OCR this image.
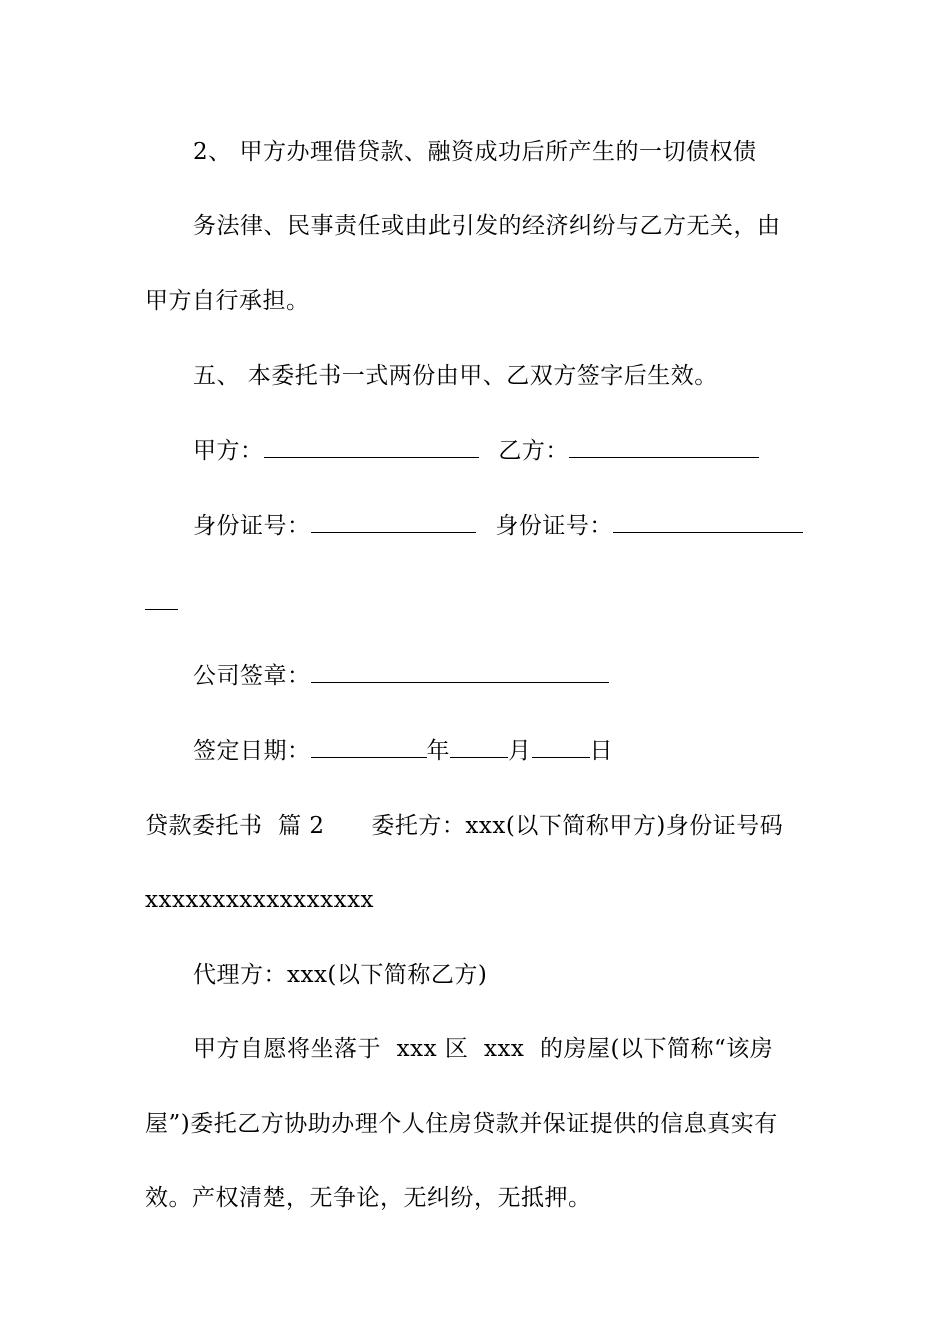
2、 甲方办理借贷款、融资成功后所产生的一切债权债
务法律、民事责任或由此引发的经济纠纷与乙方无关，由
甲方自行承担。
五、 本委托书一式两份由甲、乙双方签字后生效。
甲方：	乙方：
身份证号：	身份证号：
公司签章：
签定日期：	年	月	日
贷款委托书  篇 2      委托方：xxx(以下简称甲方)身份证号码
xxxxxxxxxxxxxxxxx
代理方：xxx(以下简称乙方)
甲方自愿将坐落于  xxx 区  xxx  的房屋(以下简称“该房
屋”)委托乙方协助办理个人住房贷款并保证提供的信息真实有
效。产权清楚，无争论，无纠纷，无抵押。
